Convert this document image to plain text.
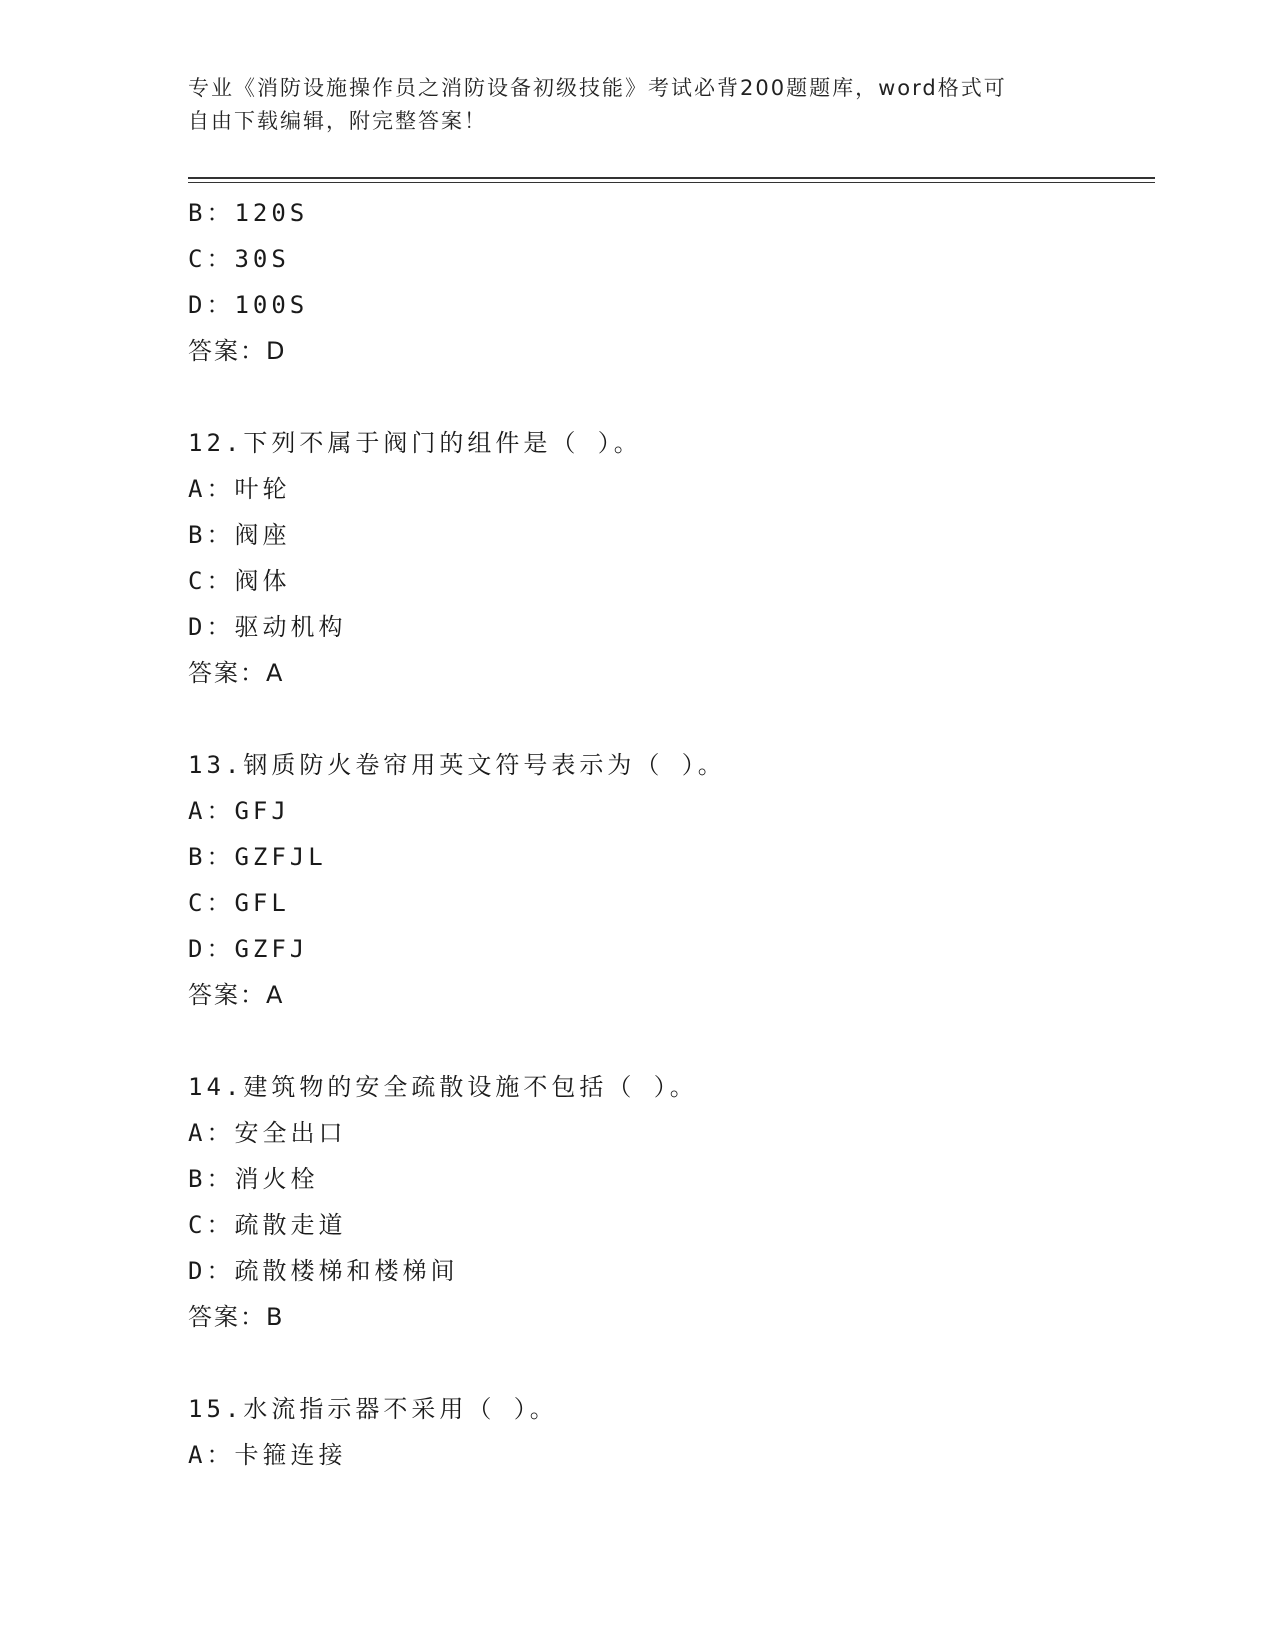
专业《消防设施操作员之消防设备初级技能》考试必背200题题库，word格式可
自由下载编辑，附完整答案！
B：120S
C：30S
D：100S
答案：D
12.下列不属于阀门的组件是（ ）。
A：叶轮
B：阀座
C：阀体
D：驱动机构
答案：A
13.钢质防火卷帘用英文符号表示为（ ）。
A：GFJ
B：GZFJL
C：GFL
D：GZFJ
答案：A
14.建筑物的安全疏散设施不包括（ ）。
A：安全出口
B：消火栓
C：疏散走道
D：疏散楼梯和楼梯间
答案：B
15.水流指示器不采用（ ）。
A：卡箍连接
